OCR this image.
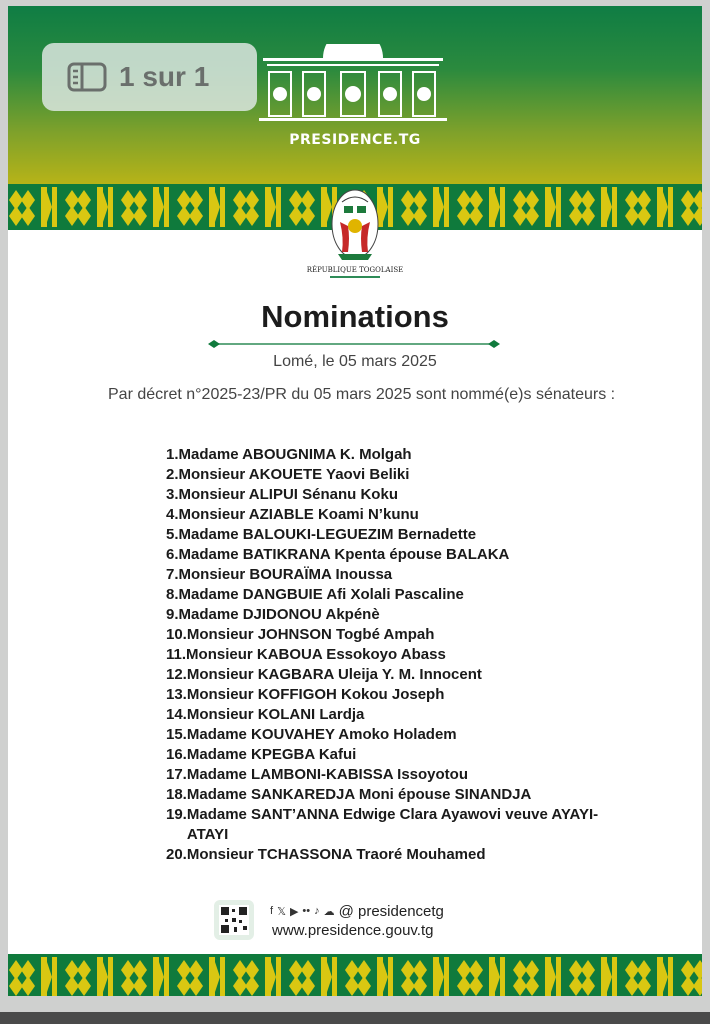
PRESIDENCE.TG
RÉPUBLIQUE TOGOLAISE
Nominations
Lomé, le 05 mars 2025
Par décret n°2025-23/PR du 05 mars 2025 sont nommé(e)s sénateurs :
1. Madame ABOUGNIMA K. Molgah
2. Monsieur AKOUETE Yaovi Beliki
3. Monsieur ALIPUI Sénanu Koku
4. Monsieur AZIABLE Koami N’kunu
5. Madame BALOUKI-LEGUEZIM Bernadette
6. Madame BATIKRANA Kpenta épouse BALAKA
7. Monsieur BOURAÏMA Inoussa
8. Madame DANGBUIE Afi Xolali Pascaline
9. Madame DJIDONOU Akpénè
10. Monsieur JOHNSON Togbé Ampah
11. Monsieur KABOUA Essokoyo Abass
12. Monsieur KAGBARA Uleija Y. M. Innocent
13. Monsieur KOFFIGOH Kokou Joseph
14. Monsieur KOLANI Lardja
15. Madame KOUVAHEY Amoko Holadem
16. Madame KPEGBA Kafui
17. Madame LAMBONI-KABISSA Issoyotou
18. Madame SANKAREDJA Moni épouse SINANDJA
19. Madame SANT’ANNA Edwige Clara Ayawovi veuve AYAYI-ATAYI
20. Monsieur TCHASSONA Traoré Mouhamed
f 𝕏 ▶ •• ♪ ☁ @ presidencetg
www.presidence.gouv.tg
1 sur 1
